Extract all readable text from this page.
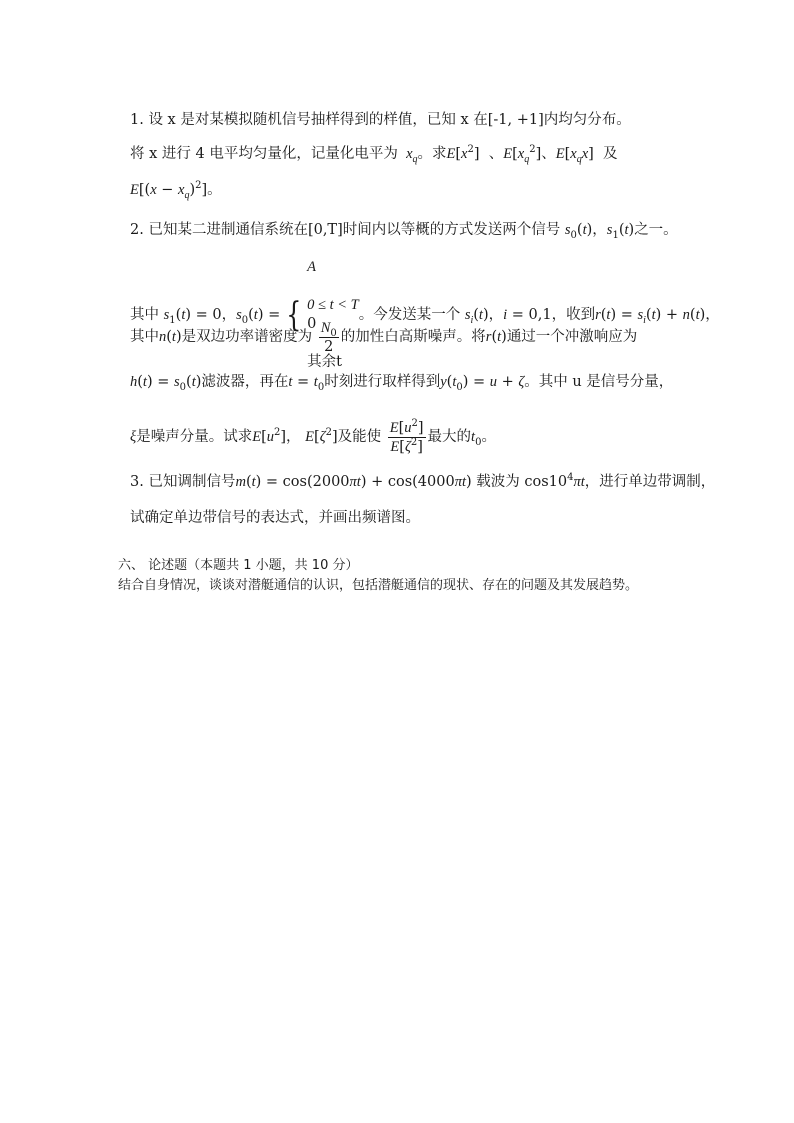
1. 设 x 是对某模拟随机信号抽样得到的样值，已知 x 在[-1, +1]内均匀分布。
将 x 进行 4 电平均匀量化，记量化电平为  $x_q$。求$E[x^2]$  、$E[x_q^2]$、$E[x_qx]$  及
$E[(x - x_q)^2]$。
2. 已知某二进制通信系统在[0,T]时间内以等概的方式发送两个信号 $s_0(t)$，$s_1(t)$之一。
其中 $s_1(t) = 0$，$s_0(t)$ = {
A

0 ≤ t < T
0

其余t
。今发送某一个 $s_i(t)$，i = 0,1，收到$r(t) = s_i(t) + n(t)$，
其中n(t)是双边功率谱密度为 $\frac{N_0}{2}$ 的加性白高斯噪声。将r(t)通过一个冲激响应为
$h(t) = s_0(t)$滤波器，再在$t = t_0$时刻进行取样得到$y(t_0) = u + \zeta$。其中 u 是信号分量，
ξ是噪声分量。试求$E[u^2]$， $E[\zeta^2]$及能使 $\frac{E[u^2]}{E[\zeta^2]}$ 最大的$t_0$。
3. 已知调制信号m(t) = cos(2000πt) + cos(4000πt) 载波为 $\cos 10^4\pi t$，进行单边带调制，
试确定单边带信号的表达式，并画出频谱图。
六、 论述题（本题共 1 小题，共 10 分）
结合自身情况，谈谈对潜艇通信的认识，包括潜艇通信的现状、存在的问题及其发展趋势。
